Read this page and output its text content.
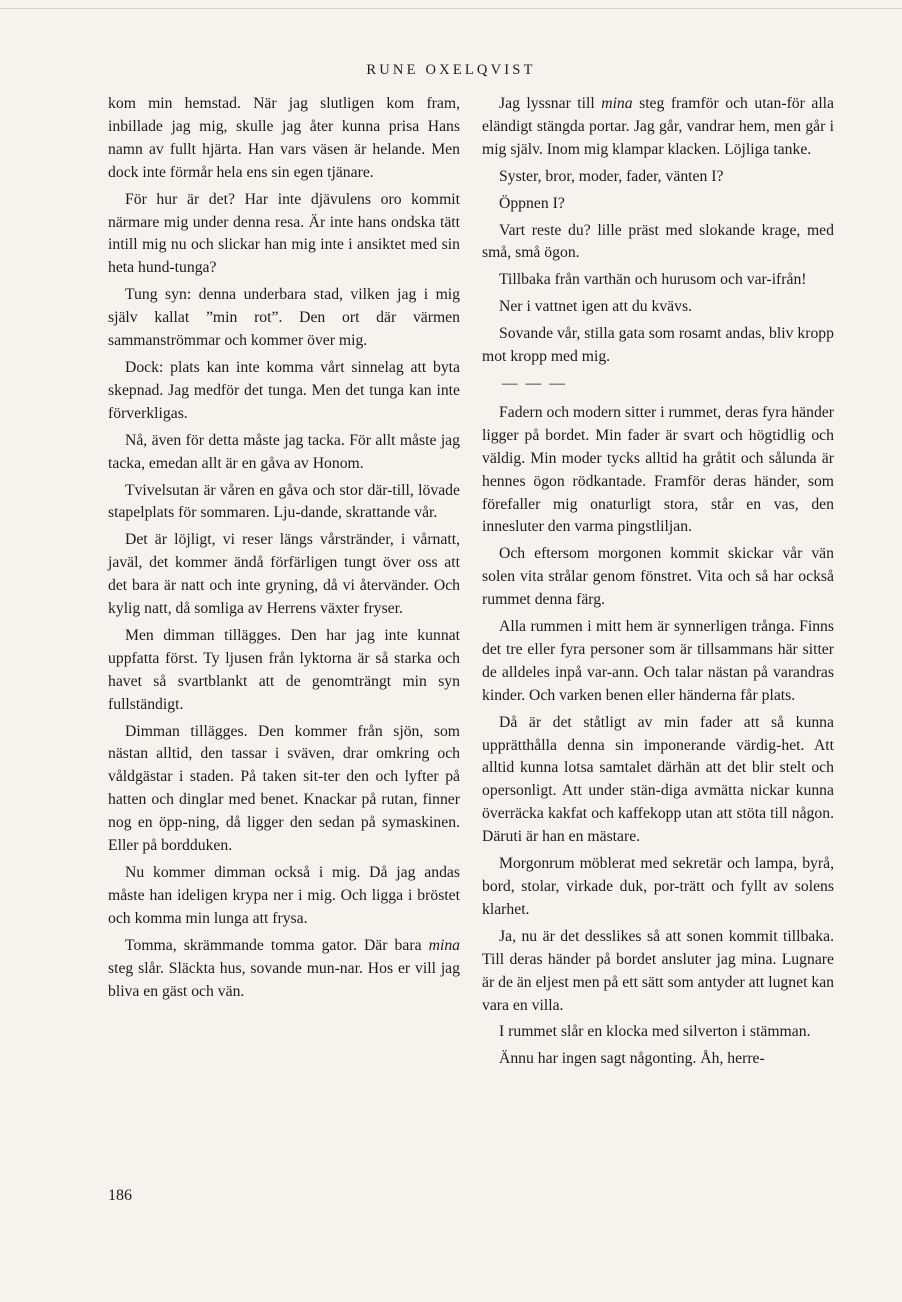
RUNE OXELQVIST

kom min hemstad. När jag slutligen kom fram, inbillade jag mig, skulle jag åter kunna prisa Hans namn av fullt hjärta. Han vars väsen är helande. Men dock inte förmår hela ens sin egen tjänare.

För hur är det? Har inte djävulens oro kommit närmare mig under denna resa. Är inte hans ondska tätt intill mig nu och slickar han mig inte i ansiktet med sin heta hund-tunga?

Tung syn: denna underbara stad, vilken jag i mig själv kallat ”min rot”. Den ort där värmen sammanströmmar och kommer över mig.

Dock: plats kan inte komma vårt sinnelag att byta skepnad. Jag medför det tunga. Men det tunga kan inte förverkligas.

Nå, även för detta måste jag tacka. För allt måste jag tacka, emedan allt är en gåva av Honom.

Tvivelsutan är våren en gåva och stor där-till, lövade stapelplats för sommaren. Lju-dande, skrattande vår.

Det är löjligt, vi reser längs vårstränder, i vårnatt, javäl, det kommer ändå förfärligen tungt över oss att det bara är natt och inte gryning, då vi återvänder. Och kylig natt, då somliga av Herrens växter fryser.

Men dimman tillägges. Den har jag inte kunnat uppfatta först. Ty ljusen från lyktorna är så starka och havet så svartblankt att de genomträngt min syn fullständigt.

Dimman tillägges. Den kommer från sjön, som nästan alltid, den tassar i sväven, drar omkring och våldgästar i staden. På taken sit-ter den och lyfter på hatten och dinglar med benet. Knackar på rutan, finner nog en öpp-ning, då ligger den sedan på symaskinen. Eller på bordduken.

Nu kommer dimman också i mig. Då jag andas måste han ideligen krypa ner i mig. Och ligga i bröstet och komma min lunga att frysa.

Tomma, skrämmande tomma gator. Där bara mina steg slår. Släckta hus, sovande mun-nar. Hos er vill jag bliva en gäst och vän.

Jag lyssnar till mina steg framför och utan-för alla eländigt stängda portar. Jag går, vandrar hem, men går i mig själv. Inom mig klampar klacken. Löjliga tanke.

Syster, bror, moder, fader, vänten I?

Öppnen I?

Vart reste du? lille präst med slokande krage, med små, små ögon.

Tillbaka från varthän och hurusom och var-ifrån!

Ner i vattnet igen att du kvävs.

Sovande vår, stilla gata som rosamt andas, bliv kropp mot kropp med mig.

— — —

Fadern och modern sitter i rummet, deras fyra händer ligger på bordet. Min fader är svart och högtidlig och väldig. Min moder tycks alltid ha gråtit och sålunda är hennes ögon rödkantade. Framför deras händer, som förefaller mig onaturligt stora, står en vas, den innesluter den varma pingstliljan.

Och eftersom morgonen kommit skickar vår vän solen vita strålar genom fönstret. Vita och så har också rummet denna färg.

Alla rummen i mitt hem är synnerligen trånga. Finns det tre eller fyra personer som är tillsammans här sitter de alldeles inpå var-ann. Och talar nästan på varandras kinder. Och varken benen eller händerna får plats.

Då är det ståtligt av min fader att så kunna upprätthålla denna sin imponerande värdig-het. Att alltid kunna lotsa samtalet därhän att det blir stelt och opersonligt. Att under stän-diga avmätta nickar kunna överräcka kakfat och kaffekopp utan att stöta till någon. Däruti är han en mästare.

Morgonrum möblerat med sekretär och lampa, byrå, bord, stolar, virkade duk, por-trätt och fyllt av solens klarhet.

Ja, nu är det desslikes så att sonen kommit tillbaka. Till deras händer på bordet ansluter jag mina. Lugnare är de än eljest men på ett sätt som antyder att lugnet kan vara en villa.

I rummet slår en klocka med silverton i stämman.

Ännu har ingen sagt någonting. Åh, herre-

186
